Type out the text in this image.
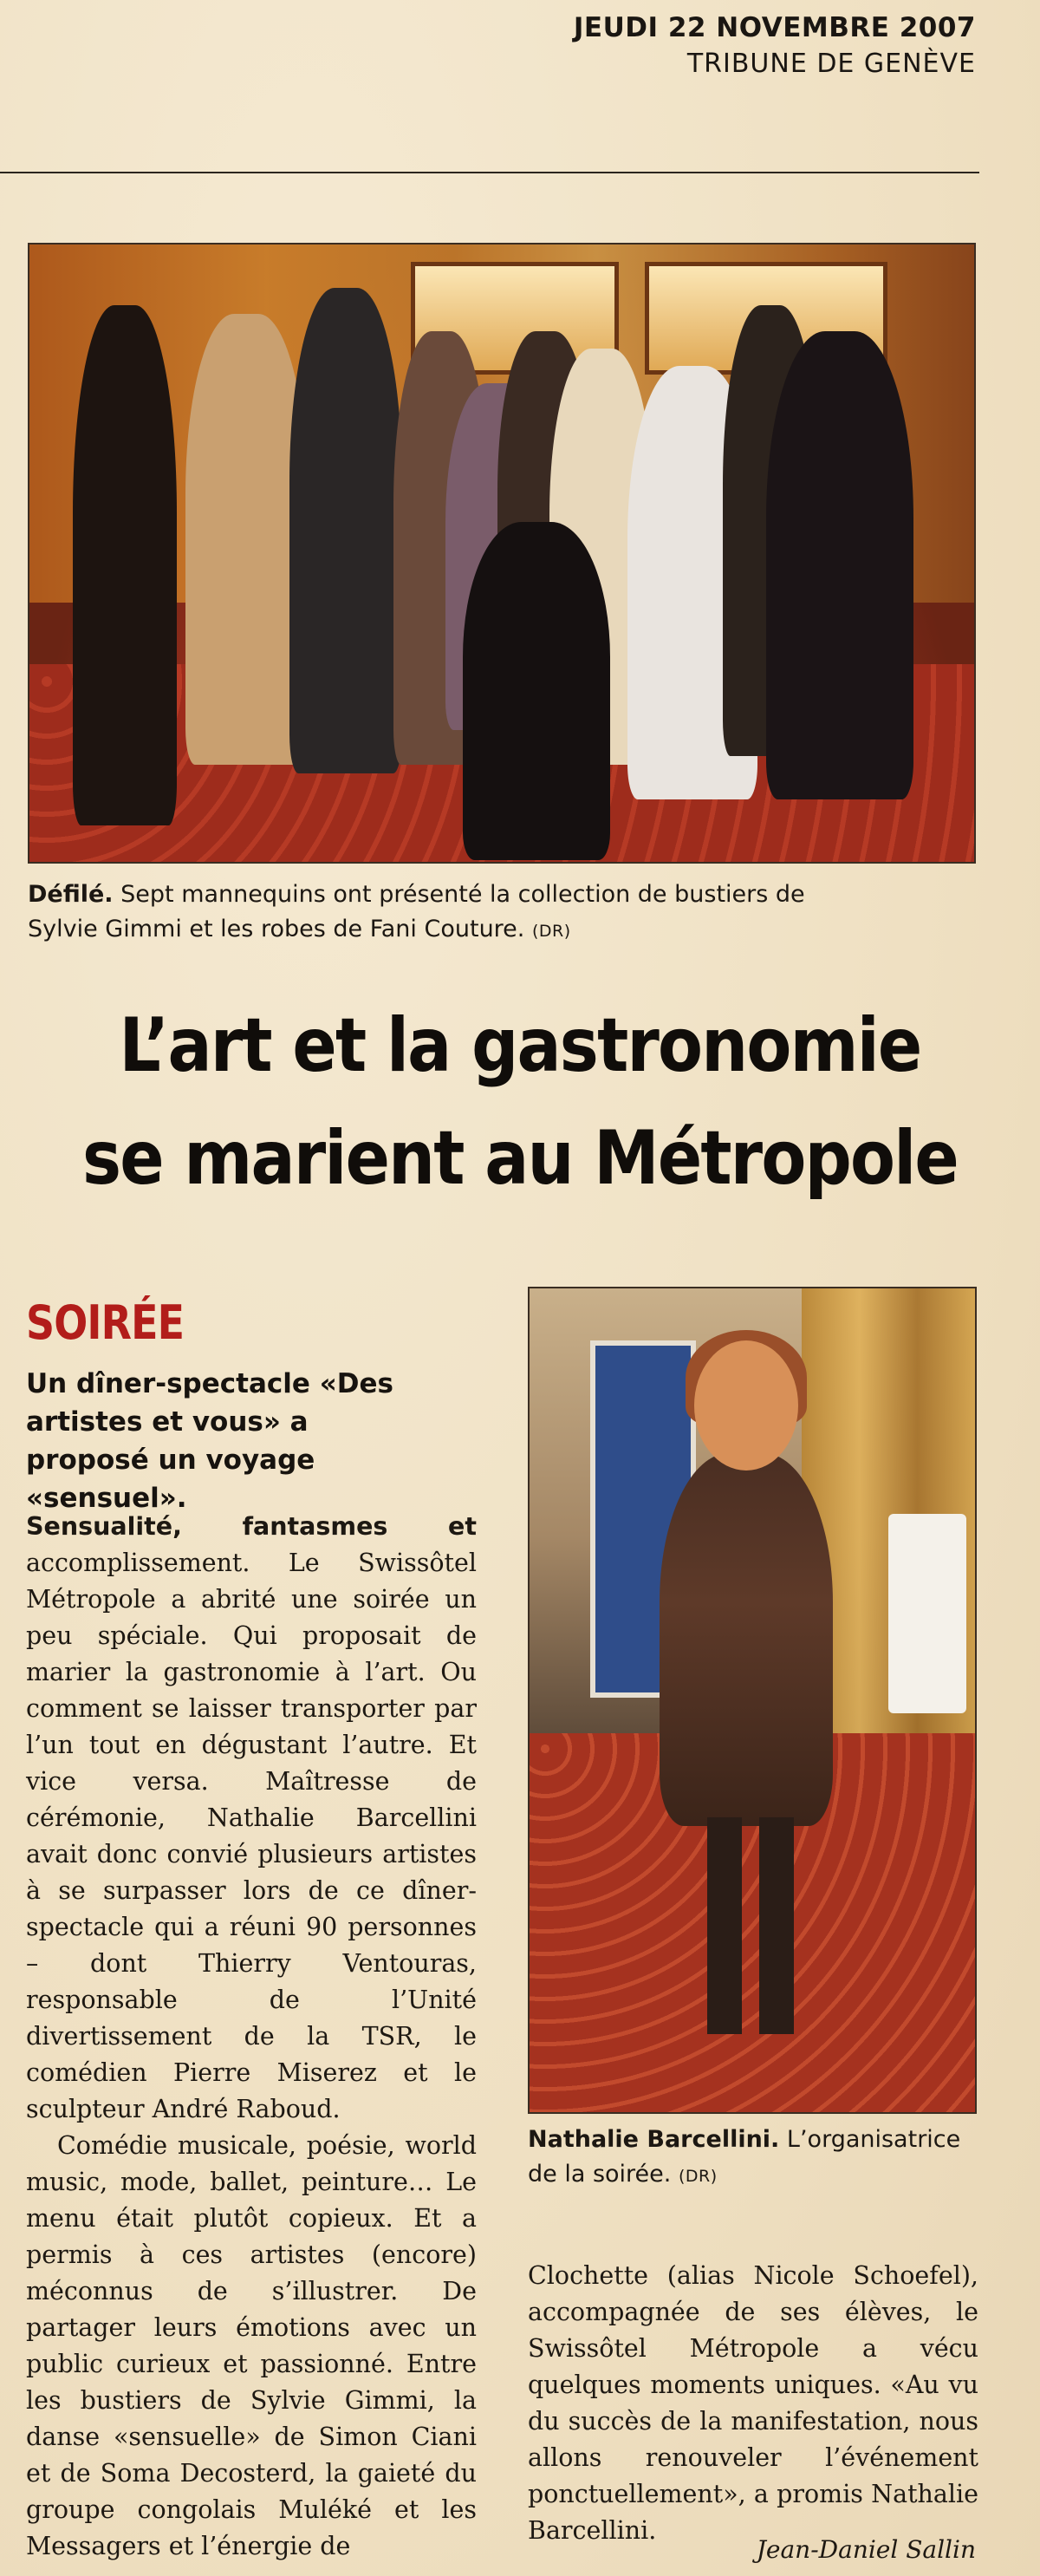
JEUDI 22 NOVEMBRE 2007
TRIBUNE DE GENÈVE
Défilé. Sept mannequins ont présenté la collection de bustiers de
Sylvie Gimmi et les robes de Fani Couture. (DR)
L’art et la gastronomie
se marient au Métropole
SOIRÉE
Un dîner-spectacle «Des artistes et vous» a proposé un voyage «sensuel».

Sensualité, fantasmes et accomplissement. Le Swissôtel Métropole a abrité une soirée un peu spéciale. Qui proposait de marier la gastronomie à l’art. Ou comment se laisser transporter par l’un tout en dégustant l’autre. Et vice versa. Maîtresse de cérémonie, Nathalie Barcellini avait donc convié plusieurs artistes à se surpasser lors de ce dîner-spectacle qui a réuni 90 personnes – dont Thierry Ventouras, responsable de l’Unité divertissement de la TSR, le comédien Pierre Miserez et le sculpteur André Raboud.

Comédie musicale, poésie, world music, mode, ballet, peinture… Le menu était plutôt copieux. Et a permis à ces artistes (encore) méconnus de s’illustrer. De partager leurs émotions avec un public curieux et passionné. Entre les bustiers de Sylvie Gimmi, la danse «sensuelle» de Simon Ciani et de Soma Decosterd, la gaieté du groupe congolais Muléké et les Messagers et l’énergie de

Nathalie Barcellini. L’organisatrice de la soirée. (DR)

Clochette (alias Nicole Schoefel), accompagnée de ses élèves, le Swissôtel Métropole a vécu quelques moments uniques. «Au vu du succès de la manifestation, nous allons renouveler l’événement ponctuellement», a promis Nathalie Barcellini.

Jean-Daniel Sallin
